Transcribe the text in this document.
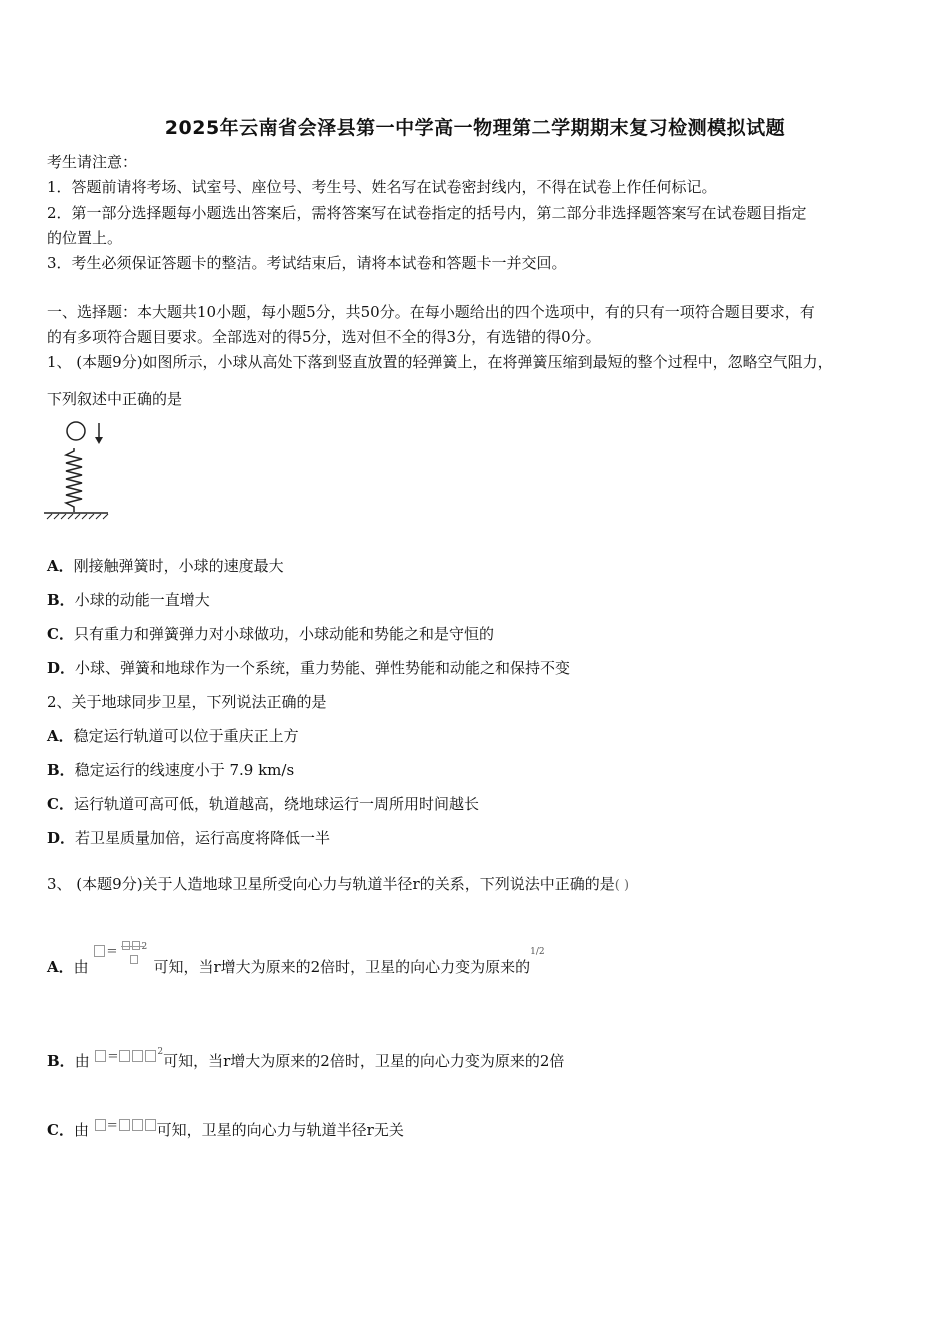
2025年云南省会泽县第一中学高一物理第二学期期末复习检测模拟试题
考生请注意：
1．答题前请将考场、试室号、座位号、考生号、姓名写在试卷密封线内，不得在试卷上作任何标记。
2．第一部分选择题每小题选出答案后，需将答案写在试卷指定的括号内，第二部分非选择题答案写在试卷题目指定
的位置上。
3．考生必须保证答题卡的整洁。考试结束后，请将本试卷和答题卡一并交回。
一、选择题：本大题共10小题，每小题5分，共50分。在每小题给出的四个选项中，有的只有一项符合题目要求，有
的有多项符合题目要求。全部选对的得5分，选对但不全的得3分，有选错的得0分。
1、 (本题9分)如图所示，小球从高处下落到竖直放置的轻弹簧上，在将弹簧压缩到最短的整个过程中，忽略空气阻力，
下列叙述中正确的是
A．刚接触弹簧时，小球的速度最大
B．小球的动能一直增大
C．只有重力和弹簧弹力对小球做功，小球动能和势能之和是守恒的
D．小球、弹簧和地球作为一个系统，重力势能、弹性势能和动能之和保持不变
2、关于地球同步卫星，下列说法正确的是
A．稳定运行轨道可以位于重庆正上方
B．稳定运行的线速度小于 7.9 km/s
C．运行轨道可高可低，轨道越高，绕地球运行一周所用时间越长
D．若卫星质量加倍，运行高度将降低一半
3、 (本题9分)关于人造地球卫星所受向心力与轨道半径r的关系，下列说法中正确的是( )
A．由
=	2
可知，当r增大为原来的2倍时，卫星的向心力变为原来的$^{1/2}$
B．由 =	$^2$可知，当r增大为原来的2倍时，卫星的向心力变为原来的2倍
C．由 =	可知，卫星的向心力与轨道半径r无关
